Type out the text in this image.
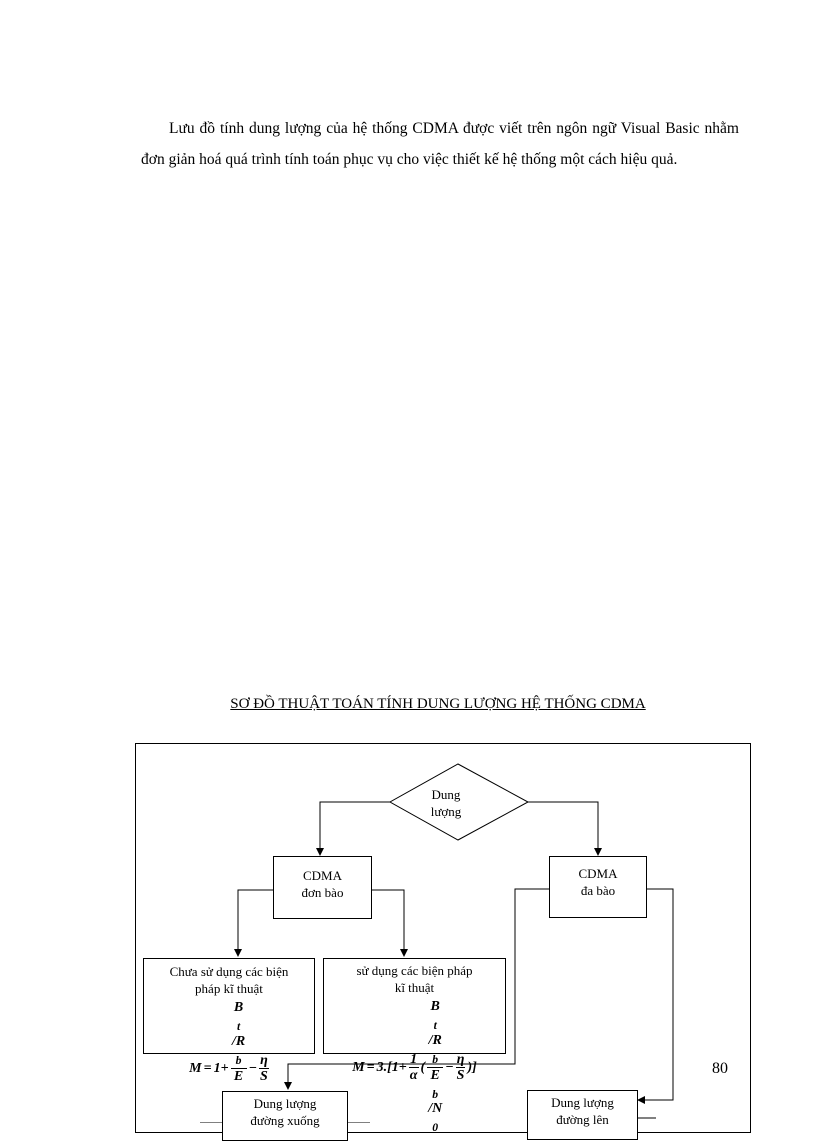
Lưu đồ tính dung lượng của hệ thống CDMA được viết trên ngôn ngữ Visual Basic nhằm đơn giản hoá quá trình tính toán phục vụ cho việc thiết kế hệ thống một cách hiệu quả.

SƠ ĐỒ THUẬT TOÁN TÍNH DUNG LƯỢNG HỆ THỐNG CDMA
Dung
lượng
CDMA
đơn bào
CDMA
đa bào
Chưa sử dụng các biện
pháp kĩ thuật
M = 1+ B
$_t$
/R
$_b$
$E - \frac{\eta}{S}$
sử dụng các biện pháp
kĩ thuật
$M = 3.[1+ \frac{1}{\alpha}$ ( B
$_t$
/R
$_b$
E
$_b$
/N
$_0 - \frac{\eta}{S}$ )]
Dung lượng
đường xuống
Dung lượng
đường lên
80
